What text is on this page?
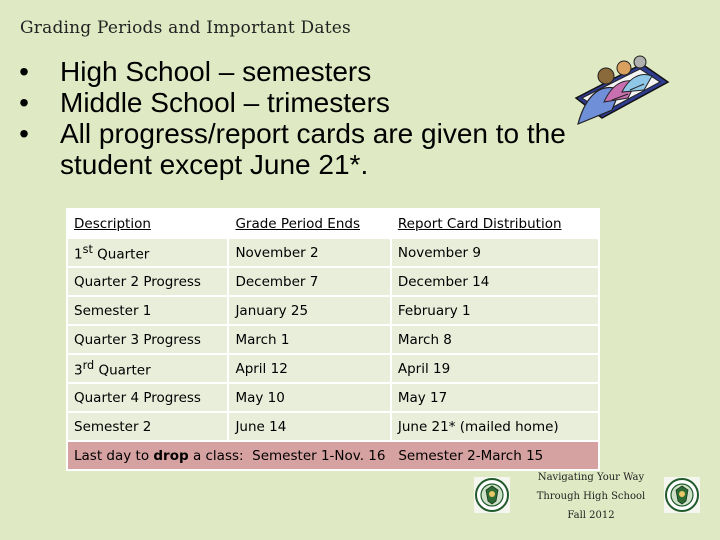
Grading Periods and Important Dates
• High School – semesters
• Middle School – trimesters
• All progress/report cards are given to the student except June 21*.
Description	Grade Period Ends	Report Card Distribution
1st Quarter	November 2	November 9
Quarter 2 Progress	December 7	December 14
Semester 1	January 25	February 1
Quarter 3 Progress	March 1	March 8
3rd Quarter	April 12	April 19
Quarter 4 Progress	May 10	May 17
Semester 2	June 14	June 21* (mailed home)
Last day to drop a class:  Semester 1-Nov. 16   Semester 2-March 15		
Navigating Your Way
Through High School
Fall 2012
